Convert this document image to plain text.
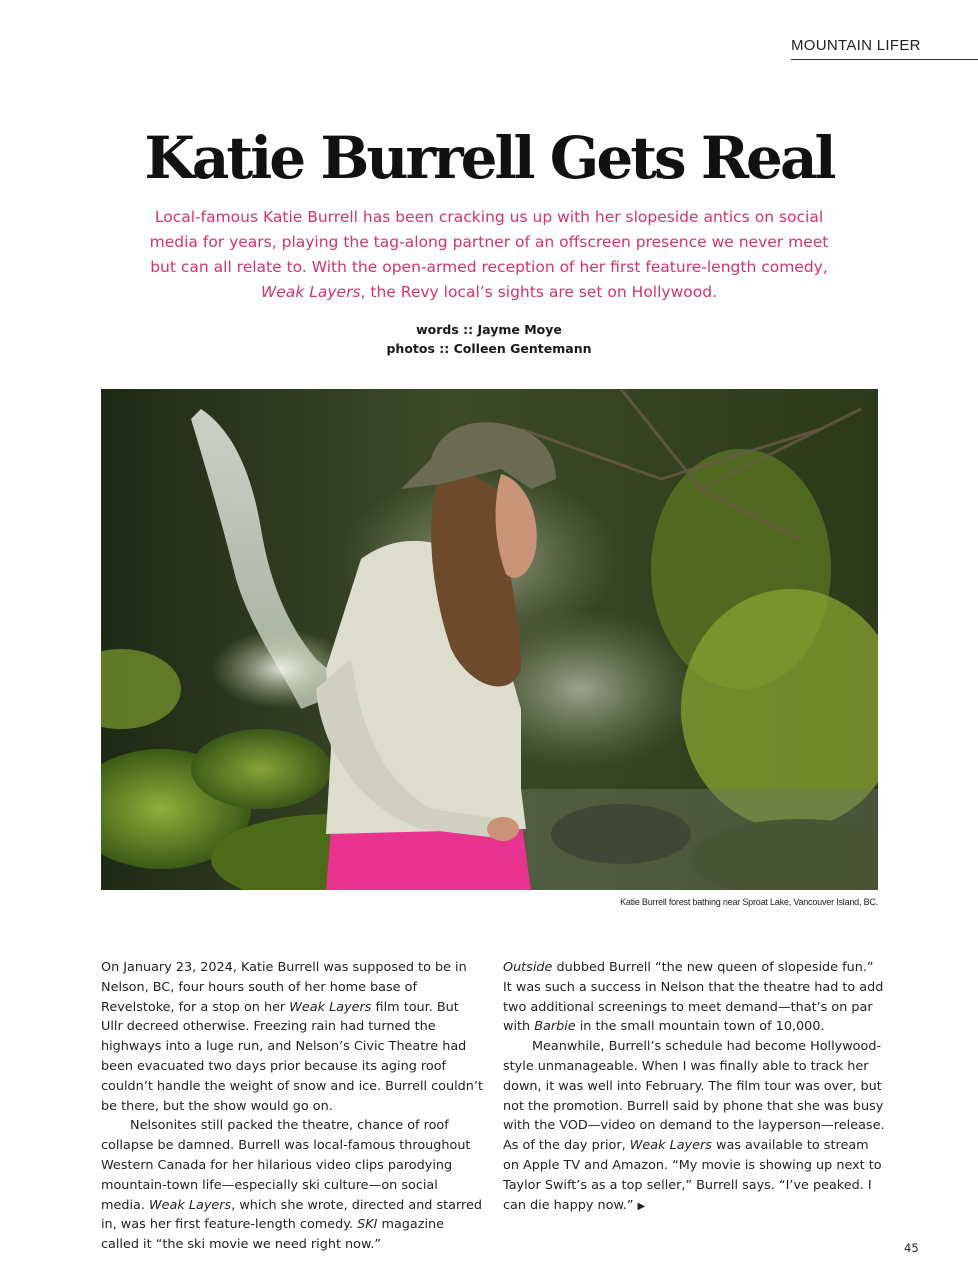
MOUNTAIN LIFER
Katie Burrell Gets Real

Local-famous Katie Burrell has been cracking us up with her slopeside antics on social media for years, playing the tag-along partner of an offscreen presence we never meet but can all relate to. With the open-armed reception of her first feature-length comedy, Weak Layers, the Revy local’s sights are set on Hollywood.

words :: Jayme Moye
photos :: Colleen Gentemann
Katie Burrell forest bathing near Sproat Lake, Vancouver Island, BC.

On January 23, 2024, Katie Burrell was supposed to be in Nelson, BC, four hours south of her home base of Revelstoke, for a stop on her Weak Layers film tour. But Ullr decreed otherwise. Freezing rain had turned the highways into a luge run, and Nelson’s Civic Theatre had been evacuated two days prior because its aging roof couldn’t handle the weight of snow and ice. Burrell couldn’t be there, but the show would go on.

Nelsonites still packed the theatre, chance of roof collapse be damned. Burrell was local-famous throughout Western Canada for her hilarious video clips parodying mountain-town life—especially ski culture—on social media. Weak Layers, which she wrote, directed and starred in, was her first feature-length comedy. SKI magazine called it “the ski movie we need right now.”

Outside dubbed Burrell “the new queen of slopeside fun.” It was such a success in Nelson that the theatre had to add two additional screenings to meet demand—that’s on par with Barbie in the small mountain town of 10,000.

Meanwhile, Burrell’s schedule had become Hollywood-style unmanageable. When I was finally able to track her down, it was well into February. The film tour was over, but not the promotion. Burrell said by phone that she was busy with the VOD—video on demand to the layperson—release. As of the day prior, Weak Layers was available to stream on Apple TV and Amazon. “My movie is showing up next to Taylor Swift’s as a top seller,” Burrell says. “I’ve peaked. I can die happy now.” ▶

45
